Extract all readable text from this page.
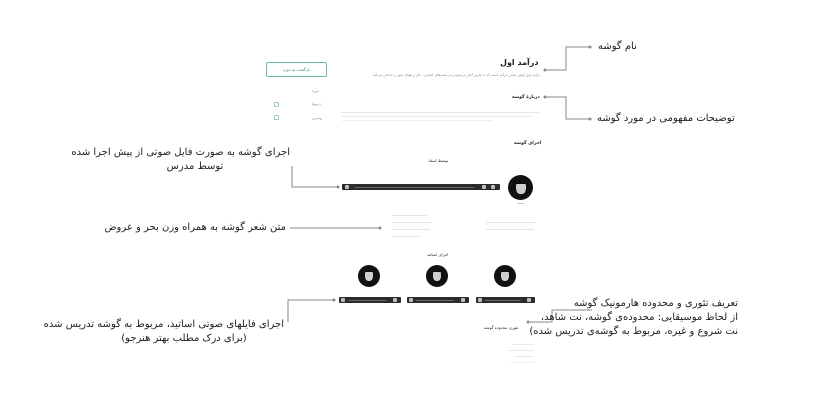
نام گوشه
توضیحات مفهومی در مورد گوشه
اجرای گوشه به صورت فایل صوتی از پیش اجرا شده
توسط مدرس
متن شعر گوشه به همراه وزن بحر و عروض
اجرای فایلهای صوتی اساتید، مربوط به گوشه تدریس شده
(برای درک مطلب بهتر هنرجو)
تعریف تئوری و محدوده هارمونیک گوشه
از لحاظ موسیقایی: محدوده‌ی گوشه، نت شاهد،
نت شروع و غیره، مربوط به گوشه‌ی تدریس شده)
بازگشت به دوره
دوره
درسها
تمرین
⌄
درآمد اول
درآمد اول اولین بخش درآمد است که با تحریر آغاز می‌شود و در نغمه‌های ابتدایی، حال و هوای شور را تداعی می‌کند
دربارهٔ گوشه
اجرای گوشه
توسط استاد
•••
اجرای اساتید
تئوری محدوده گوشه
